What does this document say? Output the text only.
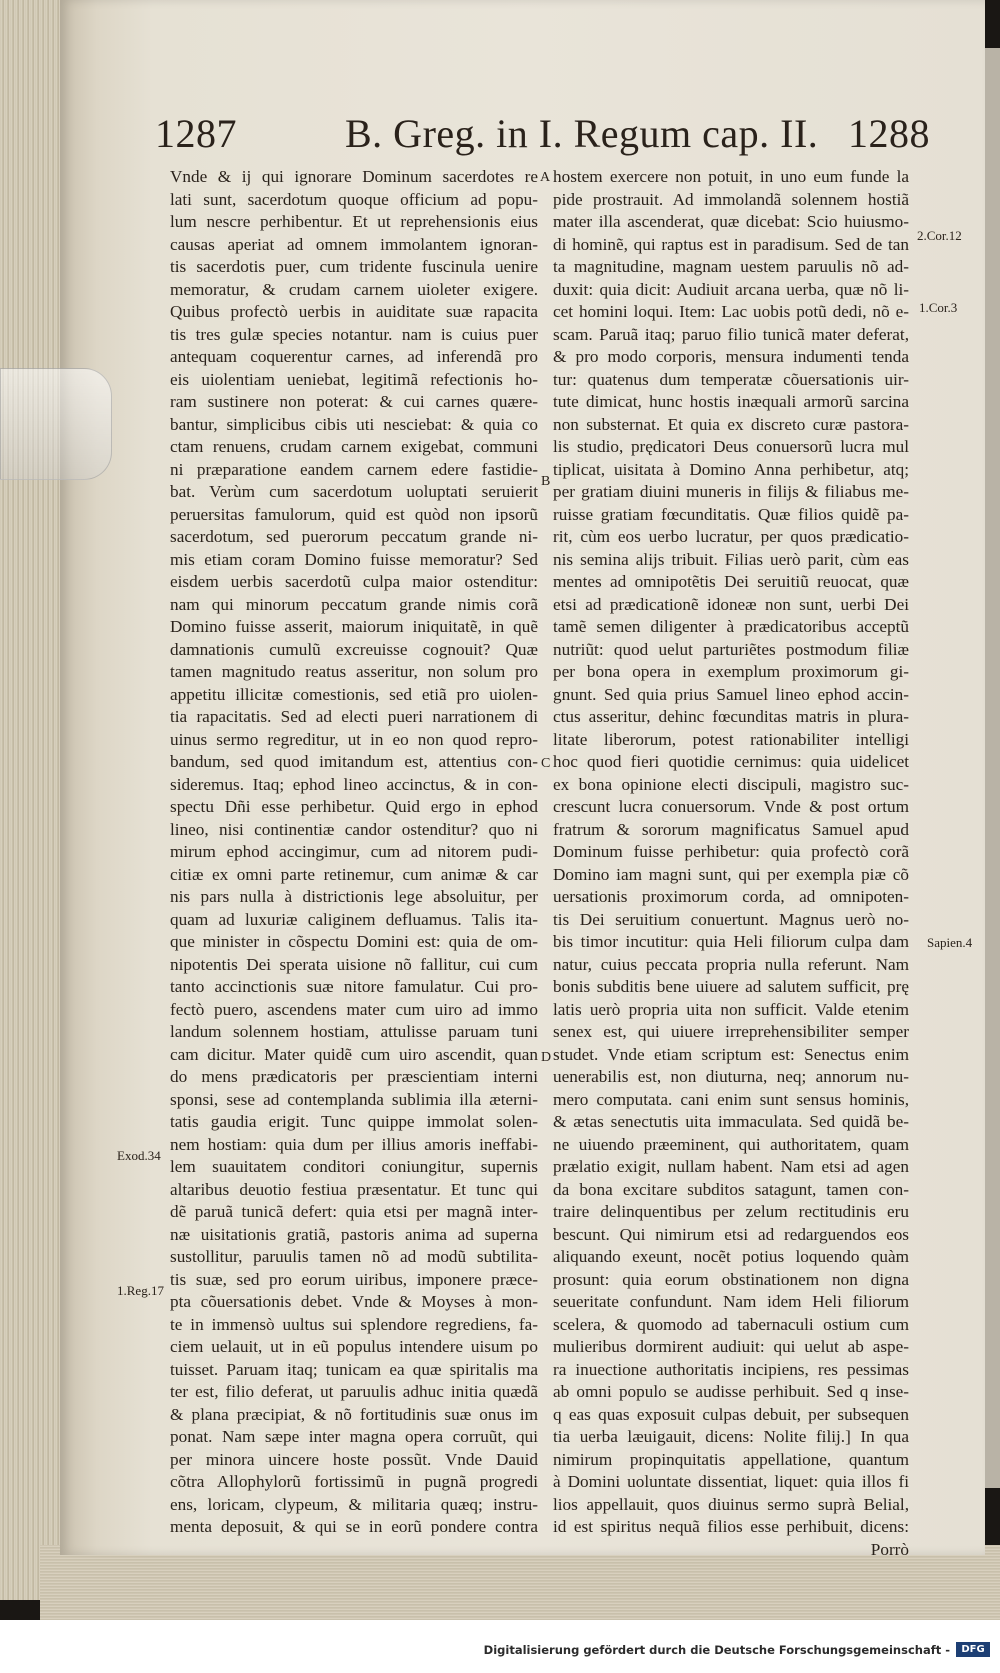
1287	B. Greg. in I. Regum cap. II. 1288
Vnde & ij qui ignorare Dominum sacerdotes re
lati sunt, sacerdotum quoque officium ad popu-
lum nescre perhibentur. Et ut reprehensionis eius
causas aperiat ad omnem immolantem ignoran-
tis sacerdotis puer, cum tridente fuscinula uenire
memoratur, & crudam carnem uioleter exigere.
Quibus profectò uerbis in auiditate suæ rapacita
tis tres gulæ species notantur. nam is cuius puer
antequam coquerentur carnes, ad inferendã pro
eis uiolentiam ueniebat, legitimã refectionis ho-
ram sustinere non poterat: & cui carnes quære-
bantur, simplicibus cibis uti nesciebat: & quia co
ctam renuens, crudam carnem exigebat, communi
ni præparatione eandem carnem edere fastidie-
bat. Verùm cum sacerdotum uoluptati seruierit
peruersitas famulorum, quid est quòd non ipsorũ
sacerdotum, sed puerorum peccatum grande ni-
mis etiam coram Domino fuisse memoratur? Sed
eisdem uerbis sacerdotũ culpa maior ostenditur:
nam qui minorum peccatum grande nimis corã
Domino fuisse asserit, maiorum iniquitatẽ, in quẽ
damnationis cumulũ excreuisse cognouit? Quæ
tamen magnitudo reatus asseritur, non solum pro
appetitu illicitæ comestionis, sed etiã pro uiolen-
tia rapacitatis. Sed ad electi pueri narrationem di
uinus sermo regreditur, ut in eo non quod repro-
bandum, sed quod imitandum est, attentius con-
sideremus. Itaq; ephod lineo accinctus, & in con-
spectu Dñi esse perhibetur. Quid ergo in ephod
lineo, nisi continentiæ candor ostenditur? quo ni
mirum ephod accingimur, cum ad nitorem pudi-
citiæ ex omni parte retinemur, cum animæ & car
nis pars nulla à districtionis lege absoluitur, per
quam ad luxuriæ caliginem defluamus. Talis ita-
que minister in cõspectu Domini est: quia de om-
nipotentis Dei sperata uisione nõ fallitur, cui cum
tanto accinctionis suæ nitore famulatur. Cui pro-
fectò puero, ascendens mater cum uiro ad immo
landum solennem hostiam, attulisse paruam tuni
cam dicitur. Mater quidẽ cum uiro ascendit, quan
do mens prædicatoris per præscientiam interni
sponsi, sese ad contemplanda sublimia illa æterni-
tatis gaudia erigit. Tunc quippe immolat solen-
nem hostiam: quia dum per illius amoris ineffabi-
lem suauitatem conditori coniungitur, supernis
altaribus deuotio festiua præsentatur. Et tunc qui
dẽ paruã tunicã defert: quia etsi per magnã inter-
næ uisitationis gratiã, pastoris anima ad superna
sustollitur, paruulis tamen nõ ad modũ subtilita-
tis suæ, sed pro eorum uiribus, imponere præce-
pta cõuersationis debet. Vnde & Moyses à mon-
te in immensò uultus sui splendore regrediens, fa-
ciem uelauit, ut in eũ populus intendere uisum po
tuisset. Paruam itaq; tunicam ea quæ spiritalis ma
ter est, filio deferat, ut paruulis adhuc initia quædã
& plana præcipiat, & nõ fortitudinis suæ onus im
ponat. Nam sæpe inter magna opera corruũt, qui
per minora uincere hoste possũt. Vnde Dauid
cõtra Allophylorũ fortissimũ in pugnã progredi
ens, loricam, clypeum, & militaria quæq; instru-
menta deposuit, & qui se in eorũ pondere contra
hostem exercere non potuit, in uno eum funde la
pide prostrauit. Ad immolandã solennem hostiã
mater illa ascenderat, quæ dicebat: Scio huiusmo-
di hominẽ, qui raptus est in paradisum. Sed de tan
ta magnitudine, magnam uestem paruulis nõ ad-
duxit: quia dicit: Audiuit arcana uerba, quæ nõ li-
cet homini loqui. Item: Lac uobis potũ dedi, nõ e-
scam. Paruã itaq; paruo filio tunicã mater deferat,
& pro modo corporis, mensura indumenti tenda
tur: quatenus dum temperatæ cõuersationis uir-
tute dimicat, hunc hostis inæquali armorũ sarcina
non substernat. Et quia ex discreto curæ pastora-
lis studio, prędicatori Deus conuersorũ lucra mul
tiplicat, uisitata à Domino Anna perhibetur, atq;
per gratiam diuini muneris in filijs & filiabus me-
ruisse gratiam fœcunditatis. Quæ filios quidẽ pa-
rit, cùm eos uerbo lucratur, per quos prædicatio-
nis semina alijs tribuit. Filias uerò parit, cùm eas
mentes ad omnipotẽtis Dei seruitiũ reuocat, quæ
etsi ad prædicationẽ idoneæ non sunt, uerbi Dei
tamẽ semen diligenter à prædicatoribus acceptũ
nutriũt: quod uelut parturiẽtes postmodum filiæ
per bona opera in exemplum proximorum gi-
gnunt. Sed quia prius Samuel lineo ephod accin-
ctus asseritur, dehinc fœcunditas matris in plura-
litate liberorum, potest rationabiliter intelligi
hoc quod fieri quotidie cernimus: quia uidelicet
ex bona opinione electi discipuli, magistro suc-
crescunt lucra conuersorum. Vnde & post ortum
fratrum & sororum magnificatus Samuel apud
Dominum fuisse perhibetur: quia profectò corã
Domino iam magni sunt, qui per exempla piæ cõ
uersationis proximorum corda, ad omnipoten-
tis Dei seruitium conuertunt. Magnus uerò no-
bis timor incutitur: quia Heli filiorum culpa dam
natur, cuius peccata propria nulla referunt. Nam
bonis subditis bene uiuere ad salutem sufficit, prę
latis uerò propria uita non sufficit. Valde etenim
senex est, qui uiuere irreprehensibiliter semper
studet. Vnde etiam scriptum est: Senectus enim
uenerabilis est, non diuturna, neq; annorum nu-
mero computata. cani enim sunt sensus hominis,
& ætas senectutis uita immaculata. Sed quidã be-
ne uiuendo præeminent, qui authoritatem, quam
prælatio exigit, nullam habent. Nam etsi ad agen
da bona excitare subditos satagunt, tamen con-
traire delinquentibus per zelum rectitudinis eru
bescunt. Qui nimirum etsi ad redarguendos eos
aliquando exeunt, nocẽt potius loquendo quàm
prosunt: quia eorum obstinationem non digna
seueritate confundunt. Nam idem Heli filiorum
scelera, & quomodo ad tabernaculi ostium cum
mulieribus dormirent audiuit: qui uelut ab aspe-
ra inuectione authoritatis incipiens, res pessimas
ab omni populo se audisse perhibuit. Sed q inse-
q eas quas exposuit culpas debuit, per subsequen
tia uerba læuigauit, dicens: Nolite filij.] In qua
nimirum propinquitatis appellatione, quantum
à Domini uoluntate dissentiat, liquet: quia illos fi
lios appellauit, quos diuinus sermo suprà Belial,
id est spiritus nequã filios esse perhibuit, dicens:
Porrò
A
B
C
D
Exod.34
1.Reg.17
2.Cor.12
1.Cor.3
Sapien.4
Digitalisierung gefördert durch die Deutsche Forschungsgemeinschaft -	DFG
